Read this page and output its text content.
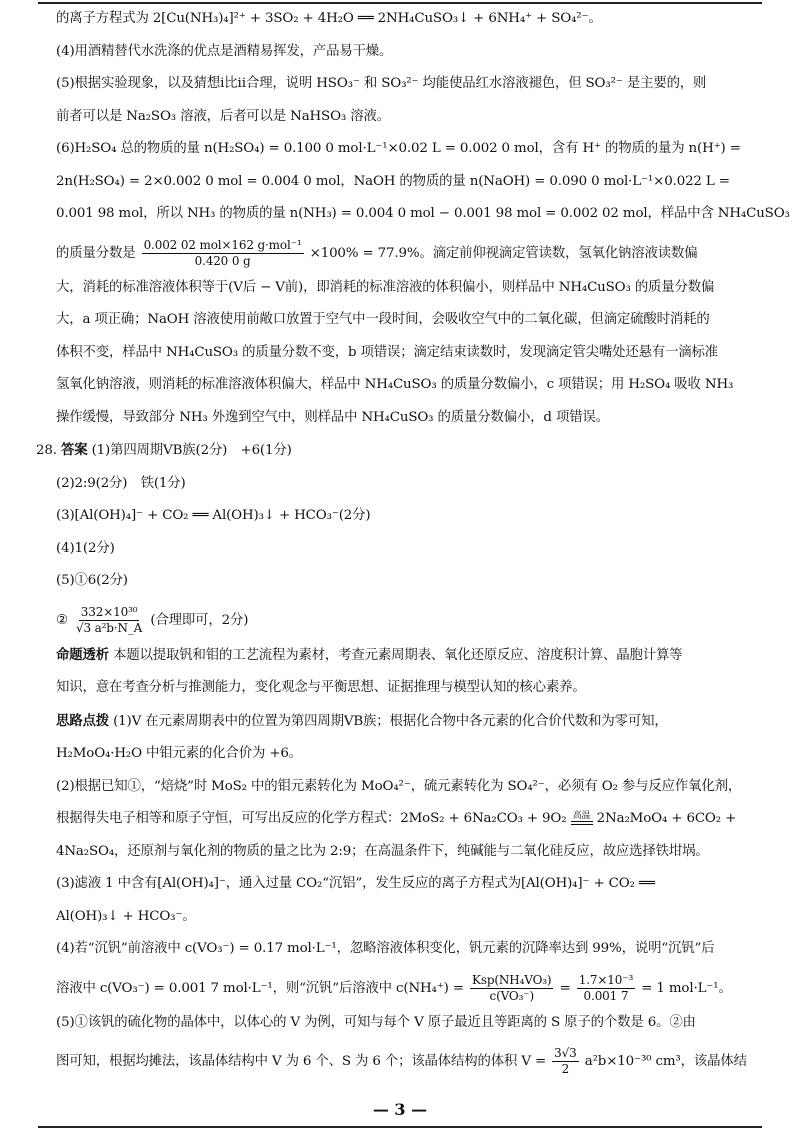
的离子方程式为 2[Cu(NH₃)₄]²⁺ + 3SO₂ + 4H₂O ══ 2NH₄CuSO₃↓ + 6NH₄⁺ + SO₄²⁻。
(4)用酒精替代水洗涤的优点是酒精易挥发，产品易干燥。
(5)根据实验现象，以及猜想ⅰ比ⅱ合理，说明 HSO₃⁻ 和 SO₃²⁻ 均能使品红水溶液褪色，但 SO₃²⁻ 是主要的，则
前者可以是 Na₂SO₃ 溶液，后者可以是 NaHSO₃ 溶液。
(6)H₂SO₄ 总的物质的量 n(H₂SO₄) = 0.100 0 mol·L⁻¹×0.02 L = 0.002 0 mol，含有 H⁺ 的物质的量为 n(H⁺) =
2n(H₂SO₄) = 2×0.002 0 mol = 0.004 0 mol，NaOH 的物质的量 n(NaOH) = 0.090 0 mol·L⁻¹×0.022 L =
0.001 98 mol，所以 NH₃ 的物质的量 n(NH₃) = 0.004 0 mol − 0.001 98 mol = 0.002 02 mol，样品中含 NH₄CuSO₃
的质量分数是 $\frac{\text{0.002 02 mol×162 g·mol⁻¹}}{0.420 0 g} \times 100\% = 77.9\%$。滴定前仰视滴定管读数，氢氧化钠溶液读数偏
大，消耗的标准溶液体积等于(V后 − V前)，即消耗的标准溶液的体积偏小，则样品中 NH₄CuSO₃ 的质量分数偏
大，a 项正确；NaOH 溶液使用前敞口放置于空气中一段时间，会吸收空气中的二氧化碳，但滴定硫酸时消耗的
体积不变，样品中 NH₄CuSO₃ 的质量分数不变，b 项错误；滴定结束读数时，发现滴定管尖嘴处还悬有一滴标准
氢氧化钠溶液，则消耗的标准溶液体积偏大，样品中 NH₄CuSO₃ 的质量分数偏小，c 项错误；用 H₂SO₄ 吸收 NH₃
操作缓慢，导致部分 NH₃ 外逸到空气中，则样品中 NH₄CuSO₃ 的质量分数偏小，d 项错误。
28. 答案 (1)第四周期ⅤB族(2分)　+6(1分)
(2)2:9(2分)　铁(1分)
(3)[Al(OH)₄]⁻ + CO₂ ══ Al(OH)₃↓ + HCO₃⁻(2分)
(4)1(2分)
(5)①6(2分)
② $\frac{\text{332×10³⁰}}{\text{√3 a²b·N\_A}}$ (合理即可，2分)
命题透析 本题以提取钒和钼的工艺流程为素材，考查元素周期表、氧化还原反应、溶度积计算、晶胞计算等
知识，意在考查分析与推测能力，变化观念与平衡思想、证据推理与模型认知的核心素养。
思路点拨 (1)V 在元素周期表中的位置为第四周期ⅤB族；根据化合物中各元素的化合价代数和为零可知，
H₂MoO₄·H₂O 中钼元素的化合价为 +6。
(2)根据已知①，“焙烧”时 MoS₂ 中的钼元素转化为 MoO₄²⁻，硫元素转化为 SO₄²⁻，必须有 O₂ 参与反应作氧化剂，
根据得失电子相等和原子守恒，可写出反应的化学方程式：2MoS₂ + 6Na₂CO₃ + 9O₂ 高温 2Na₂MoO₄ + 6CO₂ +
4Na₂SO₄，还原剂与氧化剂的物质的量之比为 2:9；在高温条件下，纯碱能与二氧化硅反应，故应选择铁坩埚。
(3)滤液 1 中含有[Al(OH)₄]⁻，通入过量 CO₂“沉铝”，发生反应的离子方程式为[Al(OH)₄]⁻ + CO₂ ══
Al(OH)₃↓ + HCO₃⁻。
(4)若“沉钒”前溶液中 c(VO₃⁻) = 0.17 mol·L⁻¹，忽略溶液体积变化，钒元素的沉降率达到 99%，说明“沉钒”后
溶液中 c(VO₃⁻) = 0.001 7 mol·L⁻¹，则“沉钒”后溶液中 $c(NH_4^+) = \frac{\text{Ksp(NH₄VO₃)}}{\text{c(VO₃⁻)}} = \frac{\text{1.7×10⁻³}}{0.001 7} = 1$ mol·L⁻¹。
(5)①该钒的硫化物的晶体中，以体心的 V 为例，可知与每个 V 原子最近且等距离的 S 原子的个数是 6。②由
图可知，根据均摊法，该晶体结构中 V 为 6 个、S 为 6 个；该晶体结构的体积 $V = \frac{3√3}{2} a^2b\times 10^{-30}$ cm³，该晶体结
— 3 —
